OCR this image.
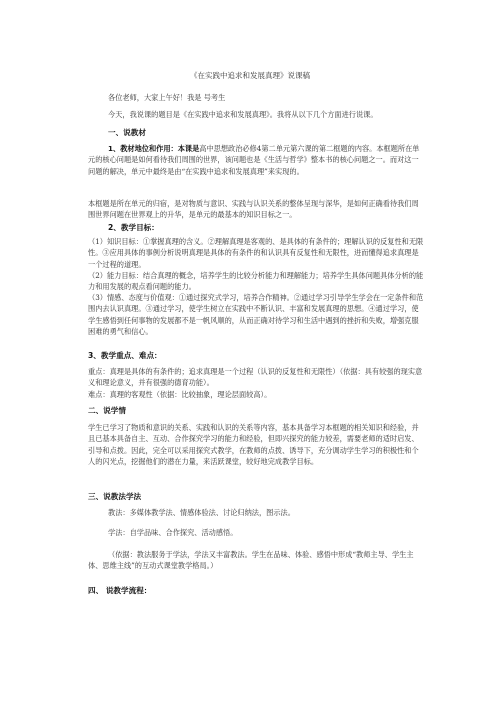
《在实践中追求和发展真理》说课稿

各位老师，大家上午好！我是 号考生

今天，我说课的题目是《在实践中追求和发展真理》。我将从以下几个方面进行说课。

一、说教材

1、教材地位和作用：本课是高中思想政治必修4第二单元第六课的第二框题的内容。本框题所在单元的核心问题是如何看待我们周围的世界，该问题也是《生活与哲学》整本书的核心问题之一。而对这一问题的解决，单元中最终是由“在实践中追求和发展真理”来实现的。

本框题是所在单元的归宿，是对物质与意识、实践与认识关系的整体呈现与深华，是如何正确看待我们周围世界问题在世界观上的升华，是单元的最基本的知识目标之一。

2、教学目标：

（1）知识目标：①掌握真理的含义。②理解真理是客观的、是具体的有条件的；理解认识的反复性和无限性。③应用具体的事例分析说明真理是具体的有条件的和认识具有反复性和无限性，进而懂得追求真理是一个过程的道理。

（2）能力目标：结合真理的概念，培养学生的比较分析能力和理解能力；培养学生具体问题具体分析的能力和用发展的观点看问题的能力。

（3）情感、态度与价值观：①通过探究式学习，培养合作精神。②通过学习引导学生学会在一定条件和范围内去认识真理。③通过学习，使学生树立在实践中不断认识、丰富和发展真理的思想。④通过学习，使学生感悟到任何事物的发展都不是一帆风顺的，从而正确对待学习和生活中遇到的挫折和失败，增强克服困难的勇气和信心。

3、教学重点、难点：

重点：真理是具体的有条件的；追求真理是一个过程（认识的反复性和无限性）（依据：具有较强的现实意义和理论意义，并有很强的德育功能）。

难点：真理的客观性（依据：比较抽象，理论层面较高）。

二、说学情

学生已学习了物质和意识的关系、实践和认识的关系等内容，基本具备学习本框题的相关知识和经验，并且已基本具备自主、互动、合作探究学习的能力和经验，但即兴探究的能力较差，需要老师的适时启发、引导和点拨。因此，完全可以采用探究式教学，在教师的点拨、诱导下，充分调动学生学习的积极性和个人的闪光点，挖掘他们的潜在力量，来活跃课堂，较好地完成教学目标。

三、说教法学法

教法：多媒体教学法、情感体验法、讨论归纳法，图示法。

学法：自学品味、合作探究、活动感悟。

（依据：教法服务于学法，学法又丰富教法。学生在品味、体验、感悟中形成“教师主导、学生主体、思维主线”的互动式课堂教学格局。）

四、 说教学流程：
